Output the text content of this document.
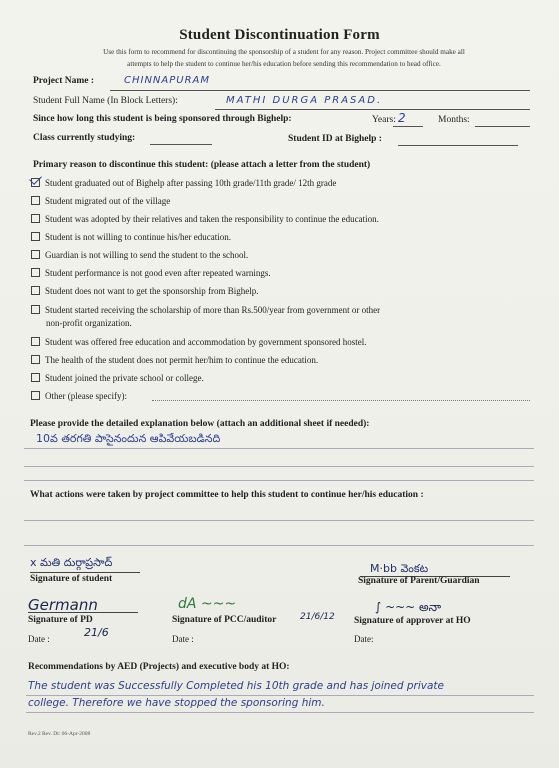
Student Discontinuation Form
Use this form to recommend for discontinuing the sponsorship of a student for any reason. Project committee should make all
attempts to help the student to continue her/his education before sending this recommendation to head office.
Project Name :	CHINNAPURAM
Student Full Name (In Block Letters):	MATHI DURGA PRASAD.
Since how long this student is being sponsored through Bighelp:	Years: 2	Months:
Class currently studying:	Student ID at Bighelp :
Primary reason to discontinue this student: (please attach a letter from the student)
Student graduated out of Bighelp after passing 10th grade/11th grade/ 12th grade
Student migrated out of the village
Student was adopted by their relatives and taken the responsibility to continue the education.
Student is not willing to continue his/her education.
Guardian is not willing to send the student to the school.
Student performance is not good even after repeated warnings.
Student does not want to get the sponsorship from Bighelp.
Student started receiving the scholarship of more than Rs.500/year from government or other
non-profit organization.
Student was offered free education and accommodation by government sponsored hostel.
The health of the student does not permit her/him to continue the education.
Student joined the private school or college.
Other (please specify):
Please provide the detailed explanation below (attach an additional sheet if needed):
10వ తరగతి పాసైనందున ఆపివేయబడినది
What actions were taken by project committee to help this student to continue her/his education :
x మతి దుర్గాప్రసాద్
Signature of student
M·bb వెంకట
Signature of Parent/Guardian
Germann
Signature of PD
Date :	21/6
dA ~~~
21/6/12
Signature of PCC/auditor
Date :
∫ ~~~ అనా
Signature of approver at HO
Date:
Recommendations by AED (Projects) and executive body at HO:
The student was Successfully Completed his 10th grade and has joined private
college. Therefore we have stopped the sponsoring him.
Rev.2 Rev. Dt: 06-Apr-2008
